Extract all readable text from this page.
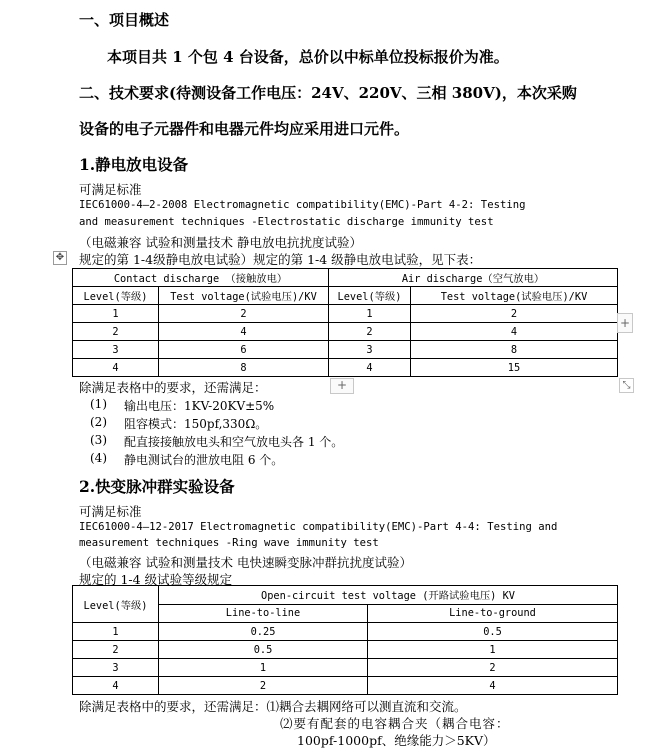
一、项目概述
本项目共 1 个包 4 台设备，总价以中标单位投标报价为准。
二、技术要求(待测设备工作电压：24V、220V、三相 380V)，本次采购
设备的电子元器件和电器元件均应采用进口元件。
1.静电放电设备
可满足标准
IEC61000-4—2-2008 Electromagnetic compatibility(EMC)-Part 4-2: Testing
and measurement techniques -Electrostatic discharge immunity test
（电磁兼容 试验和测量技术 静电放电抗扰度试验）
✥ 规定的第 1-4级静电放电试验）规定的第 1-4 级静电放电试验，见下表：
Contact discharge （接触放电）		Air discharge（空气放电）	
Level(等级)	Test voltage(试验电压)/KV	Level(等级)	Test voltage(试验电压)/KV
1	2	1	2
2	4	2	4
3	6	3	8
4	8	4	15
+
+	⤡
除满足表格中的要求，还需满足：
(1) 输出电压：1KV-20KV±5%
(2) 阻容模式：150pf,330Ω。
(3) 配直接接触放电头和空气放电头各 1 个。
(4) 静电测试台的泄放电阻 6 个。
2.快变脉冲群实验设备
可满足标准
IEC61000-4—12-2017 Electromagnetic compatibility(EMC)-Part 4-4: Testing and
measurement techniques -Ring wave immunity test
（电磁兼容 试验和测量技术 电快速瞬变脉冲群抗扰度试验）
规定的 1-4 级试验等级规定
Level(等级)	Open-circuit test voltage (开路试验电压) KV	
	Line-to-line	Line-to-ground
1	0.25	0.5
2	0.5	1
3	1	2
4	2	4
除满足表格中的要求，还需满足：⑴耦合去耦网络可以测直流和交流。
⑵要有配套的电容耦合夹（耦合电容：
100pf-1000pf、绝缘能力＞5KV）
